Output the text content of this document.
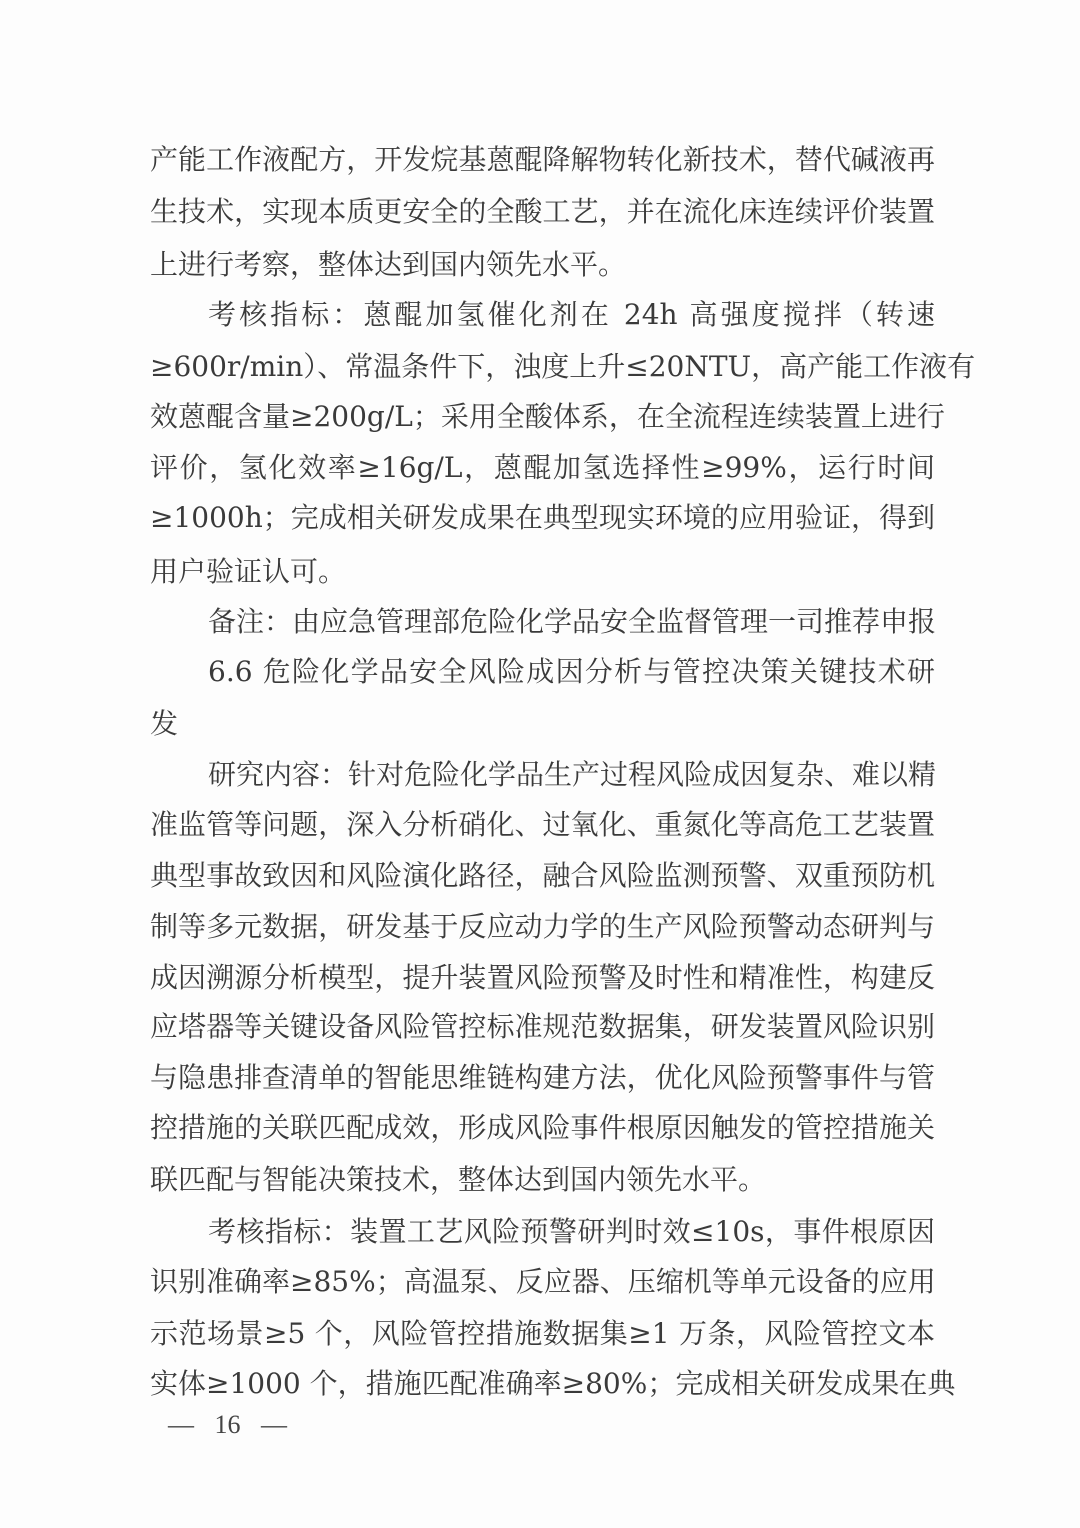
产能工作液配方，开发烷基蒽醌降解物转化新技术，替代碱液再
生技术，实现本质更安全的全酸工艺，并在流化床连续评价装置
上进行考察，整体达到国内领先水平。
考核指标：蒽醌加氢催化剂在 24h 高强度搅拌（转速
≥600r/min）、常温条件下，浊度上升≤20NTU，高产能工作液有
效蒽醌含量≥200g/L；采用全酸体系，在全流程连续装置上进行
评价，氢化效率≥16g/L，蒽醌加氢选择性≥99%，运行时间
≥1000h；完成相关研发成果在典型现实环境的应用验证，得到
用户验证认可。
备注：由应急管理部危险化学品安全监督管理一司推荐申报
6.6 危险化学品安全风险成因分析与管控决策关键技术研
发
研究内容：针对危险化学品生产过程风险成因复杂、难以精
准监管等问题，深入分析硝化、过氧化、重氮化等高危工艺装置
典型事故致因和风险演化路径，融合风险监测预警、双重预防机
制等多元数据，研发基于反应动力学的生产风险预警动态研判与
成因溯源分析模型，提升装置风险预警及时性和精准性，构建反
应塔器等关键设备风险管控标准规范数据集，研发装置风险识别
与隐患排查清单的智能思维链构建方法，优化风险预警事件与管
控措施的关联匹配成效，形成风险事件根原因触发的管控措施关
联匹配与智能决策技术，整体达到国内领先水平。
考核指标：装置工艺风险预警研判时效≤10s，事件根原因
识别准确率≥85%；高温泵、反应器、压缩机等单元设备的应用
示范场景≥5 个，风险管控措施数据集≥1 万条，风险管控文本
实体≥1000 个，措施匹配准确率≥80%；完成相关研发成果在典
— 16 —
